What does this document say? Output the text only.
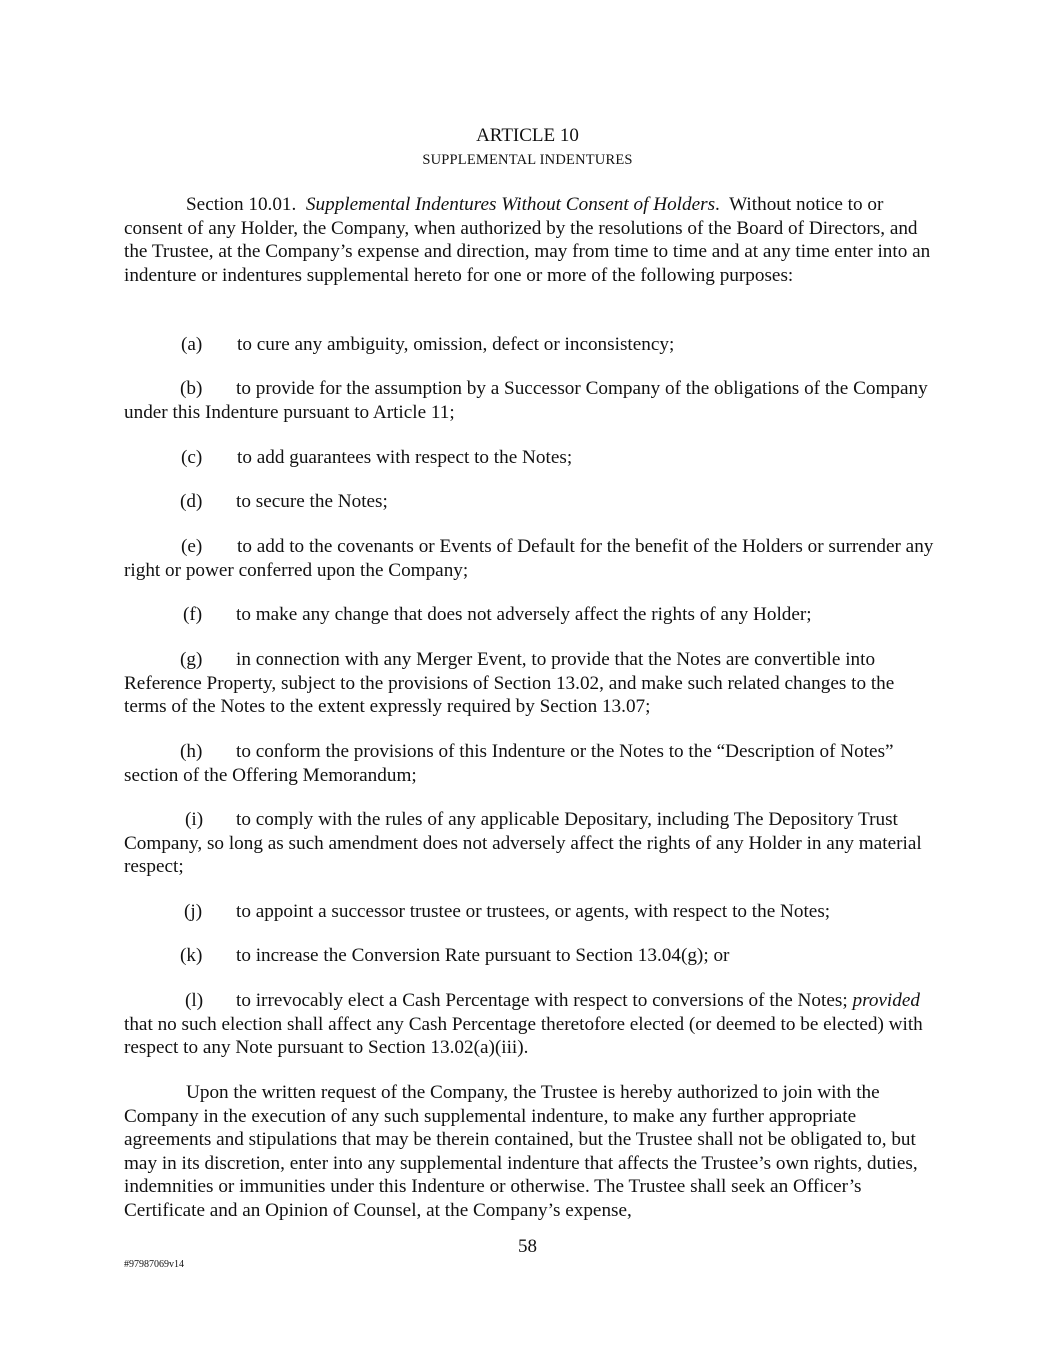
ARTICLE 10
SUPPLEMENTAL INDENTURES

Section 10.01. Supplemental Indentures Without Consent of Holders. Without notice to or consent of any Holder, the Company, when authorized by the resolutions of the Board of Directors, and the Trustee, at the Company’s expense and direction, may from time to time and at any time enter into an indenture or indentures supplemental hereto for one or more of the following purposes:

(a) to cure any ambiguity, omission, defect or inconsistency;

(b) to provide for the assumption by a Successor Company of the obligations of the Company under this Indenture pursuant to Article 11;

(c) to add guarantees with respect to the Notes;

(d) to secure the Notes;

(e) to add to the covenants or Events of Default for the benefit of the Holders or surrender any right or power conferred upon the Company;

(f) to make any change that does not adversely affect the rights of any Holder;

(g) in connection with any Merger Event, to provide that the Notes are convertible into Reference Property, subject to the provisions of Section 13.02, and make such related changes to the terms of the Notes to the extent expressly required by Section 13.07;

(h) to conform the provisions of this Indenture or the Notes to the “Description of Notes” section of the Offering Memorandum;

(i) to comply with the rules of any applicable Depositary, including The Depository Trust Company, so long as such amendment does not adversely affect the rights of any Holder in any material respect;

(j) to appoint a successor trustee or trustees, or agents, with respect to the Notes;

(k) to increase the Conversion Rate pursuant to Section 13.04(g); or

(l) to irrevocably elect a Cash Percentage with respect to conversions of the Notes; provided that no such election shall affect any Cash Percentage theretofore elected (or deemed to be elected) with respect to any Note pursuant to Section 13.02(a)(iii).

Upon the written request of the Company, the Trustee is hereby authorized to join with the Company in the execution of any such supplemental indenture, to make any further appropriate agreements and stipulations that may be therein contained, but the Trustee shall not be obligated to, but may in its discretion, enter into any supplemental indenture that affects the Trustee’s own rights, duties, indemnities or immunities under this Indenture or otherwise. The Trustee shall seek an Officer’s Certificate and an Opinion of Counsel, at the Company’s expense,

58
#97987069v14
